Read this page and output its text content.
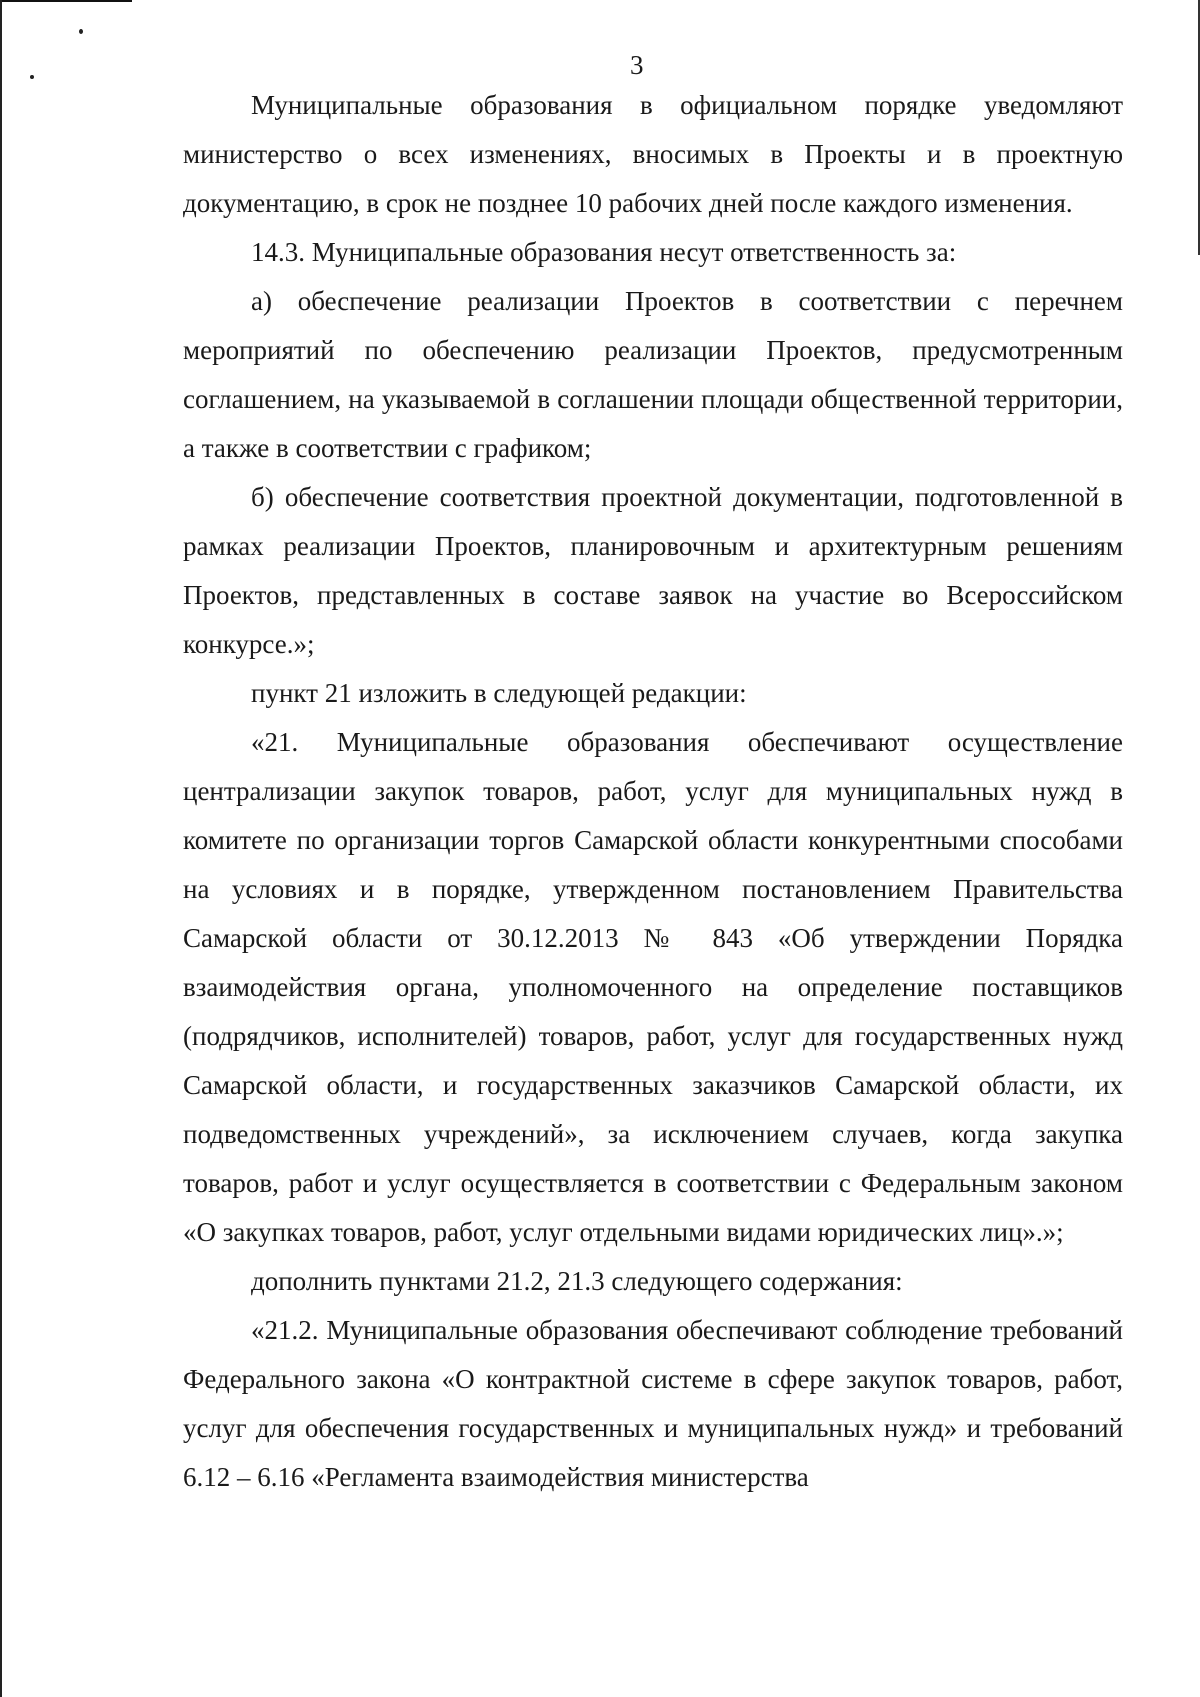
3

Муниципальные образования в официальном порядке уведомляют министерство о всех изменениях, вносимых в Проекты и в проектную документацию, в срок не позднее 10 рабочих дней после каждого изменения.

14.3. Муниципальные образования несут ответственность за:

а) обеспечение реализации Проектов в соответствии с перечнем мероприятий по обеспечению реализации Проектов, предусмотренным соглашением, на указываемой в соглашении площади общественной территории, а также в соответствии с графиком;

б) обеспечение соответствия проектной документации, подготовленной в рамках реализации Проектов, планировочным и архитектурным решениям Проектов, представленных в составе заявок на участие во Всероссийском конкурсе.»;

пункт 21 изложить в следующей редакции:

«21. Муниципальные образования обеспечивают осуществление централизации закупок товаров, работ, услуг для муниципальных нужд в комитете по организации торгов Самарской области конкурентными способами на условиях и в порядке, утвержденном постановлением Правительства Самарской области от 30.12.2013 № 843 «Об утверждении Порядка взаимодействия органа, уполномоченного на определение поставщиков (подрядчиков, исполнителей) товаров, работ, услуг для государственных нужд Самарской области, и государственных заказчиков Самарской области, их подведомственных учреждений», за исключением случаев, когда закупка товаров, работ и услуг осуществляется в соответствии с Федеральным законом «О закупках товаров, работ, услуг отдельными видами юридических лиц».»;

дополнить пунктами 21.2, 21.3 следующего содержания:

«21.2. Муниципальные образования обеспечивают соблюдение требований Федерального закона «О контрактной системе в сфере закупок товаров, работ, услуг для обеспечения государственных и муниципальных нужд» и требований 6.12 – 6.16 «Регламента взаимодействия министерства
